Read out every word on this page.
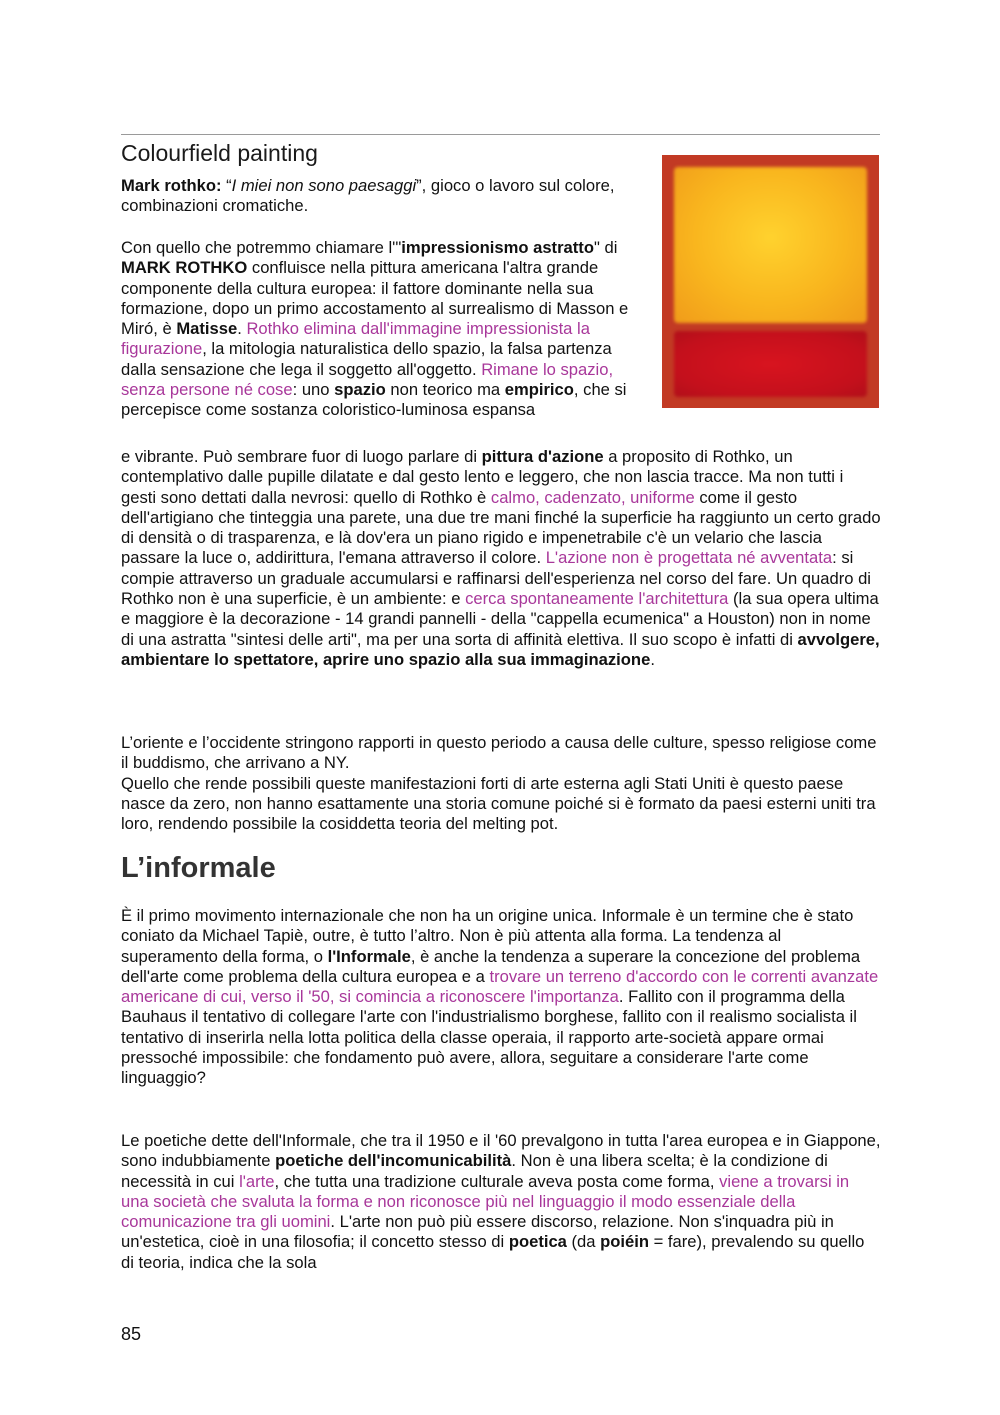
Colourfield painting

Mark rothko: “I miei non sono paesaggi”, gioco o lavoro sul colore, combinazioni cromatiche.

Con quello che potremmo chiamare l'"impressionismo astratto" di MARK ROTHKO confluisce nella pittura americana l'altra grande componente della cultura europea: il fattore dominante nella sua formazione, dopo un primo accostamento al surrealismo di Masson e Miró, è Matisse. Rothko elimina dall'immagine impressionista la figurazione, la mitologia naturalistica dello spazio, la falsa partenza dalla sensazione che lega il soggetto all'oggetto. Rimane lo spazio, senza persone né cose: uno spazio non teorico ma empirico, che si percepisce come sostanza coloristico-luminosa espansa

e vibrante. Può sembrare fuor di luogo parlare di pittura d'azione a proposito di Rothko, un contemplativo dalle pupille dilatate e dal gesto lento e leggero, che non lascia tracce. Ma non tutti i gesti sono dettati dalla nevrosi: quello di Rothko è calmo, cadenzato, uniforme come il gesto dell'artigiano che tinteggia una parete, una due tre mani finché la superficie ha raggiunto un certo grado di densità o di trasparenza, e là dov'era un piano rigido e impenetrabile c'è un velario che lascia passare la luce o, addirittura, l'emana attraverso il colore. L'azione non è progettata né avventata: si compie attraverso un graduale accumularsi e raffinarsi dell'esperienza nel corso del fare. Un quadro di Rothko non è una superficie, è un ambiente: e cerca spontaneamente l'architettura (la sua opera ultima e maggiore è la decorazione - 14 grandi pannelli - della "cappella ecumenica" a Houston) non in nome di una astratta "sintesi delle arti", ma per una sorta di affinità elettiva. Il suo scopo è infatti di avvolgere, ambientare lo spettatore, aprire uno spazio alla sua immaginazione.

L’oriente e l’occidente stringono rapporti in questo periodo a causa delle culture, spesso religiose come il buddismo, che arrivano a NY.
Quello che rende possibili queste manifestazioni forti di arte esterna agli Stati Uniti è questo paese nasce da zero, non hanno esattamente una storia comune poiché si è formato da paesi esterni uniti tra loro, rendendo possibile la cosiddetta teoria del melting pot.

L’informale

È il primo movimento internazionale che non ha un origine unica. Informale è un termine che è stato coniato da Michael Tapiè, outre, è tutto l’altro. Non è più attenta alla forma. La tendenza al superamento della forma, o l'Informale, è anche la tendenza a superare la concezione del problema dell'arte come problema della cultura europea e a trovare un terreno d'accordo con le correnti avanzate americane di cui, verso il '50, si comincia a riconoscere l'importanza. Fallito con il programma della Bauhaus il tentativo di collegare l'arte con l'industrialismo borghese, fallito con il realismo socialista il tentativo di inserirla nella lotta politica della classe operaia, il rapporto arte-società appare ormai pressoché impossibile: che fondamento può avere, allora, seguitare a considerare l'arte come linguaggio?

Le poetiche dette dell'Informale, che tra il 1950 e il '60 prevalgono in tutta l'area europea e in Giappone, sono indubbiamente poetiche dell'incomunicabilità. Non è una libera scelta; è la condizione di necessità in cui l'arte, che tutta una tradizione culturale aveva posta come forma, viene a trovarsi in una società che svaluta la forma e non riconosce più nel linguaggio il modo essenziale della comunicazione tra gli uomini. L'arte non può più essere discorso, relazione. Non s'inquadra più in un'estetica, cioè in una filosofia; il concetto stesso di poetica (da poiéin = fare), prevalendo su quello di teoria, indica che la sola

85
